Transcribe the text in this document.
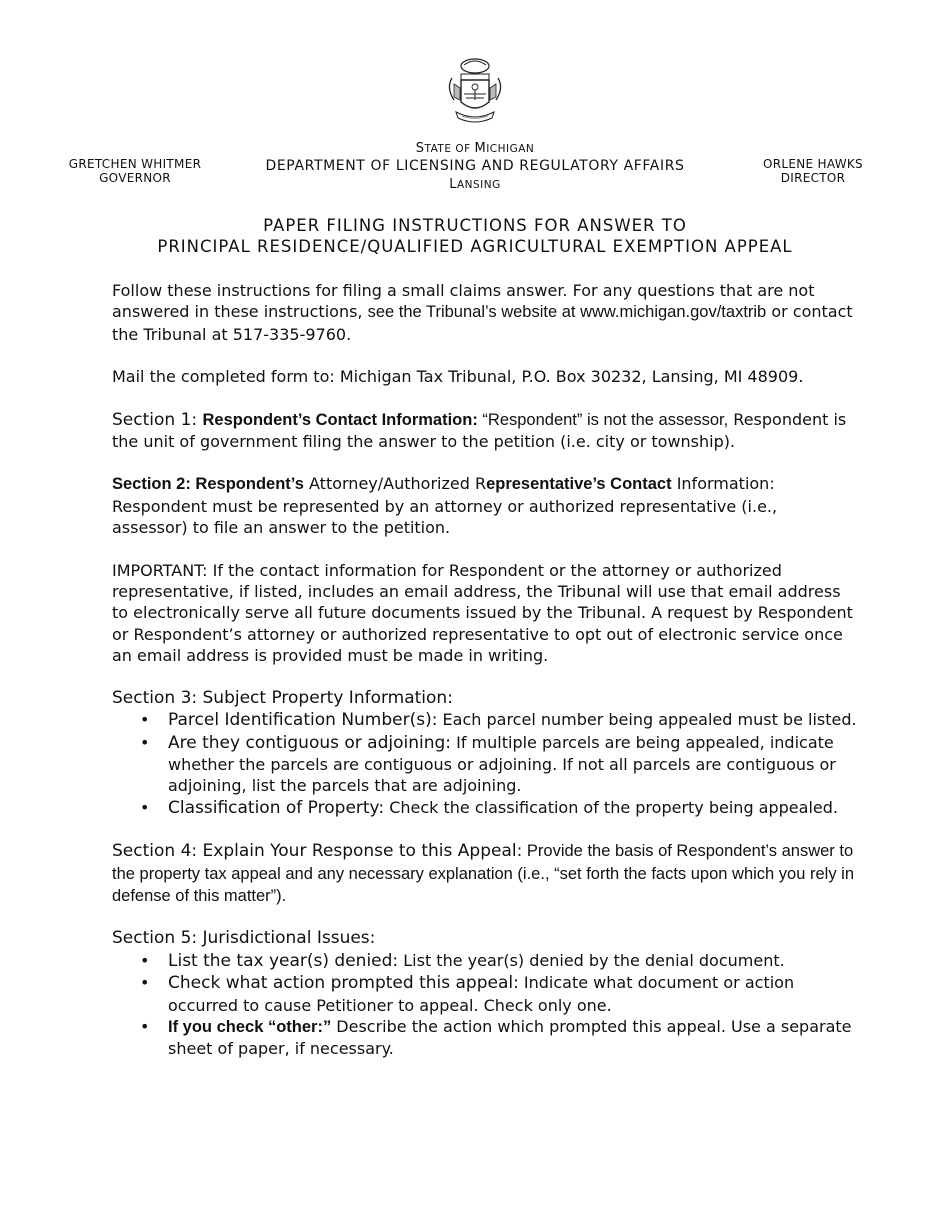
STATE OF MICHIGAN
DEPARTMENT OF LICENSING AND REGULATORY AFFAIRS
LANSING
GRETCHEN WHITMER
GOVERNOR
ORLENE HAWKS
DIRECTOR
PAPER FILING INSTRUCTIONS FOR ANSWER TO
PRINCIPAL RESIDENCE/QUALIFIED AGRICULTURAL EXEMPTION APPEAL

Follow these instructions for filing a small claims answer. For any questions that are not answered in these instructions, see the Tribunal’s website at www.michigan.gov/taxtrib or contact the Tribunal at 517-335-9760.

Mail the completed form to: Michigan Tax Tribunal, P.O. Box 30232, Lansing, MI 48909.

Section 1: Respondent’s Contact Information: “Respondent” is not the assessor, Respondent is the unit of government filing the answer to the petition (i.e. city or township).

Section 2: Respondent’s Attorney/Authorized Representative’s Contact Information: Respondent must be represented by an attorney or authorized representative (i.e., assessor) to file an answer to the petition.

IMPORTANT: If the contact information for Respondent or the attorney or authorized representative, if listed, includes an email address, the Tribunal will use that email address to electronically serve all future documents issued by the Tribunal. A request by Respondent or Respondent’s attorney or authorized representative to opt out of electronic service once an email address is provided must be made in writing.

Section 3: Subject Property Information:

• Parcel Identification Number(s): Each parcel number being appealed must be listed.
• Are they contiguous or adjoining: If multiple parcels are being appealed, indicate whether the parcels are contiguous or adjoining. If not all parcels are contiguous or adjoining, list the parcels that are adjoining.
• Classification of Property: Check the classification of the property being appealed.

Section 4: Explain Your Response to this Appeal: Provide the basis of Respondent’s answer to the property tax appeal and any necessary explanation (i.e., “set forth the facts upon which you rely in defense of this matter”).

Section 5: Jurisdictional Issues:

• List the tax year(s) denied: List the year(s) denied by the denial document.
• Check what action prompted this appeal: Indicate what document or action occurred to cause Petitioner to appeal. Check only one.
• If you check “other:” Describe the action which prompted this appeal. Use a separate sheet of paper, if necessary.
